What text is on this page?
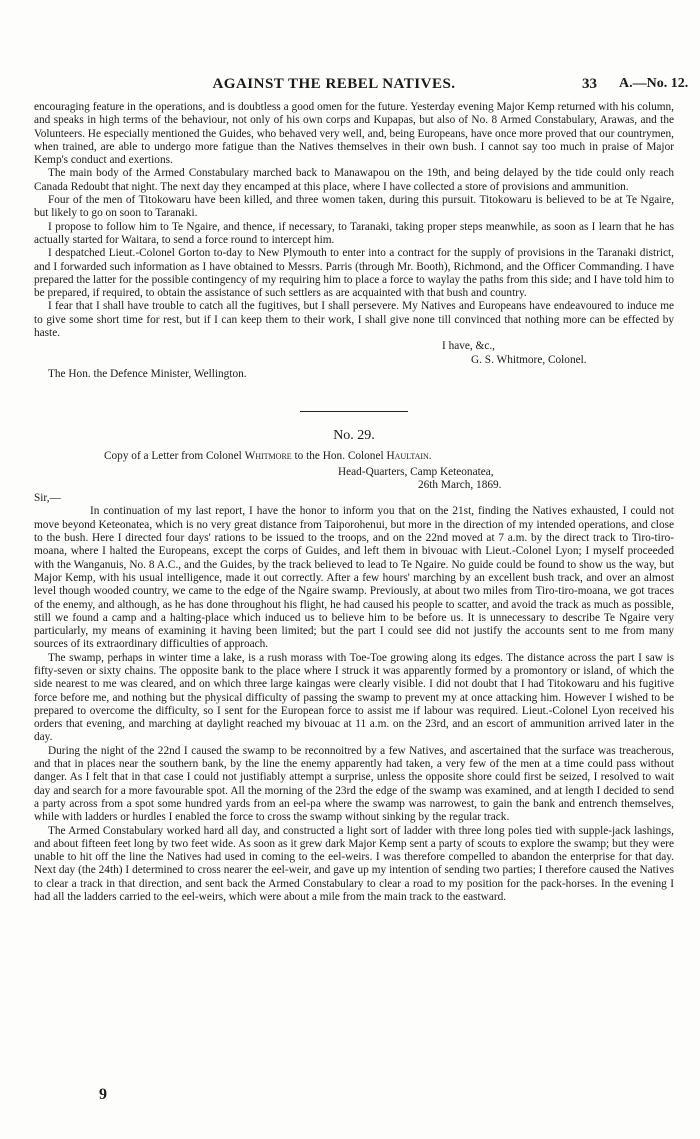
AGAINST THE REBEL NATIVES.	33 A.—No. 12.

encouraging feature in the operations, and is doubtless a good omen for the future. Yesterday evening Major Kemp returned with his column, and speaks in high terms of the behaviour, not only of his own corps and Kupapas, but also of No. 8 Armed Constabulary, Arawas, and the Volunteers. He especially mentioned the Guides, who behaved very well, and, being Europeans, have once more proved that our countrymen, when trained, are able to undergo more fatigue than the Natives themselves in their own bush. I cannot say too much in praise of Major Kemp's conduct and exertions.

The main body of the Armed Constabulary marched back to Manawapou on the 19th, and being delayed by the tide could only reach Canada Redoubt that night. The next day they encamped at this place, where I have collected a store of provisions and ammunition.

Four of the men of Titokowaru have been killed, and three women taken, during this pursuit. Titokowaru is believed to be at Te Ngaire, but likely to go on soon to Taranaki.

I propose to follow him to Te Ngaire, and thence, if necessary, to Taranaki, taking proper steps meanwhile, as soon as I learn that he has actually started for Waitara, to send a force round to intercept him.

I despatched Lieut.-Colonel Gorton to-day to New Plymouth to enter into a contract for the supply of provisions in the Taranaki district, and I forwarded such information as I have obtained to Messrs. Parris (through Mr. Booth), Richmond, and the Officer Commanding. I have prepared the latter for the possible contingency of my requiring him to place a force to waylay the paths from this side; and I have told him to be prepared, if required, to obtain the assistance of such settlers as are acquainted with that bush and country.

I fear that I shall have trouble to catch all the fugitives, but I shall persevere. My Natives and Europeans have endeavoured to induce me to give some short time for rest, but if I can keep them to their work, I shall give none till convinced that nothing more can be effected by haste.

I have, &c.,

G. S. Whitmore, Colonel.

The Hon. the Defence Minister, Wellington.

No. 29.

Copy of a Letter from Colonel Whitmore to the Hon. Colonel Haultain.

Head-Quarters, Camp Keteonatea,

26th March, 1869.

Sir,—

In continuation of my last report, I have the honor to inform you that on the 21st, finding the Natives exhausted, I could not move beyond Keteonatea, which is no very great distance from Taiporohenui, but more in the direction of my intended operations, and close to the bush. Here I directed four days' rations to be issued to the troops, and on the 22nd moved at 7 a.m. by the direct track to Tiro-tiro-moana, where I halted the Europeans, except the corps of Guides, and left them in bivouac with Lieut.-Colonel Lyon; I myself proceeded with the Wanganuis, No. 8 A.C., and the Guides, by the track believed to lead to Te Ngaire. No guide could be found to show us the way, but Major Kemp, with his usual intelligence, made it out correctly. After a few hours' marching by an excellent bush track, and over an almost level though wooded country, we came to the edge of the Ngaire swamp. Previously, at about two miles from Tiro-tiro-moana, we got traces of the enemy, and although, as he has done throughout his flight, he had caused his people to scatter, and avoid the track as much as possible, still we found a camp and a halting-place which induced us to believe him to be before us. It is unnecessary to describe Te Ngaire very particularly, my means of examining it having been limited; but the part I could see did not justify the accounts sent to me from many sources of its extraordinary difficulties of approach.

The swamp, perhaps in winter time a lake, is a rush morass with Toe-Toe growing along its edges. The distance across the part I saw is fifty-seven or sixty chains. The opposite bank to the place where I struck it was apparently formed by a promontory or island, of which the side nearest to me was cleared, and on which three large kaingas were clearly visible. I did not doubt that I had Titokowaru and his fugitive force before me, and nothing but the physical difficulty of passing the swamp to prevent my at once attacking him. However I wished to be prepared to overcome the difficulty, so I sent for the European force to assist me if labour was required. Lieut.-Colonel Lyon received his orders that evening, and marching at daylight reached my bivouac at 11 a.m. on the 23rd, and an escort of ammunition arrived later in the day.

During the night of the 22nd I caused the swamp to be reconnoitred by a few Natives, and ascertained that the surface was treacherous, and that in places near the southern bank, by the line the enemy apparently had taken, a very few of the men at a time could pass without danger. As I felt that in that case I could not justifiably attempt a surprise, unless the opposite shore could first be seized, I resolved to wait day and search for a more favourable spot. All the morning of the 23rd the edge of the swamp was examined, and at length I decided to send a party across from a spot some hundred yards from an eel-pa where the swamp was narrowest, to gain the bank and entrench themselves, while with ladders or hurdles I enabled the force to cross the swamp without sinking by the regular track.

The Armed Constabulary worked hard all day, and constructed a light sort of ladder with three long poles tied with supple-jack lashings, and about fifteen feet long by two feet wide. As soon as it grew dark Major Kemp sent a party of scouts to explore the swamp; but they were unable to hit off the line the Natives had used in coming to the eel-weirs. I was therefore compelled to abandon the enterprise for that day. Next day (the 24th) I determined to cross nearer the eel-weir, and gave up my intention of sending two parties; I therefore caused the Natives to clear a track in that direction, and sent back the Armed Constabulary to clear a road to my position for the pack-horses. In the evening I had all the ladders carried to the eel-weirs, which were about a mile from the main track to the eastward.

9
